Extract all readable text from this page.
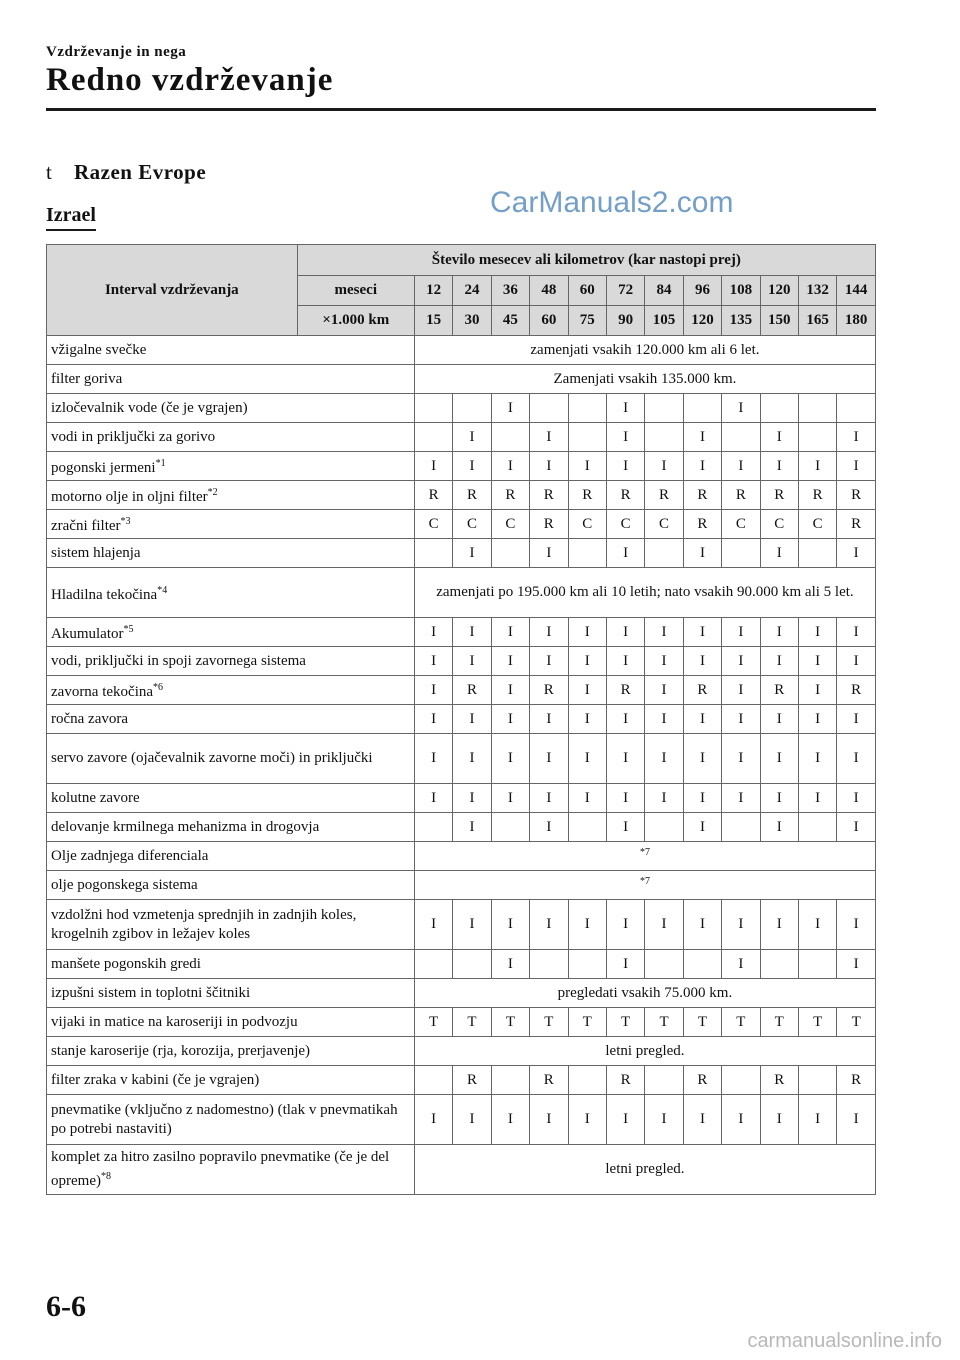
Vzdrževanje in nega
Redno vzdrževanje
t Razen Evrope
Izrael	CarManuals2.com
Interval vzdrževanja	Število mesecev ali kilometrov (kar nastopi prej)												
	meseci	12	24	36	48	60	72	84	96	108	120	132	144
	×1.000 km	15	30	45	60	75	90	105	120	135	150	165	180
vžigalne svečke		zamenjati vsakih 120.000 km ali 6 let.											
filter goriva		Zamenjati vsakih 135.000 km.											
izločevalnik vode (če je vgrajen)				I			I			I			
vodi in priključki za gorivo			I		I		I		I		I		I
pogonski jermeni$^{*1}$		I	I	I	I	I	I	I	I	I	I	I	I
motorno olje in oljni filter$^{*2}$		R	R	R	R	R	R	R	R	R	R	R	R
zračni filter$^{*3}$		C	C	C	R	C	C	C	R	C	C	C	R
sistem hlajenja			I		I		I		I		I		I
Hladilna tekočina$^{*4}$		zamenjati po 195.000 km ali 10 letih; nato vsakih 90.000 km ali 5 let.											
Akumulator$^{*5}$		I	I	I	I	I	I	I	I	I	I	I	I
vodi, priključki in spoji zavornega sistema		I	I	I	I	I	I	I	I	I	I	I	I
zavorna tekočina$^{*6}$		I	R	I	R	I	R	I	R	I	R	I	R
ročna zavora		I	I	I	I	I	I	I	I	I	I	I	I
servo zavore (ojačevalnik zavorne moči) in priključki		I	I	I	I	I	I	I	I	I	I	I	I
kolutne zavore		I	I	I	I	I	I	I	I	I	I	I	I
delovanje krmilnega mehanizma in drogovja			I		I		I		I		I		I
Olje zadnjega diferenciala		$^{*7}$
olje pogonskega sistema		$^{*7}$
vzdolžni hod vzmetenja sprednjih in zadnjih koles, krogelnih zgibov in ležajev koles		I	I	I	I	I	I	I	I	I	I	I	I
manšete pogonskih gredi				I			I			I			I
izpušni sistem in toplotni ščitniki		pregledati vsakih 75.000 km.											
vijaki in matice na karoseriji in podvozju		T	T	T	T	T	T	T	T	T	T	T	T
stanje karoserije (rja, korozija, prerjavenje)		letni pregled.											
filter zraka v kabini (če je vgrajen)			R		R		R		R		R		R
pnevmatike (vključno z nadomestno) (tlak v pnevmatikah po potrebi nastaviti)		I	I	I	I	I	I	I	I	I	I	I	I
komplet za hitro zasilno popravilo pnevmatike (če je del opreme)$^{*8}$		letni pregled.											
6-6
carmanualsonline.info
